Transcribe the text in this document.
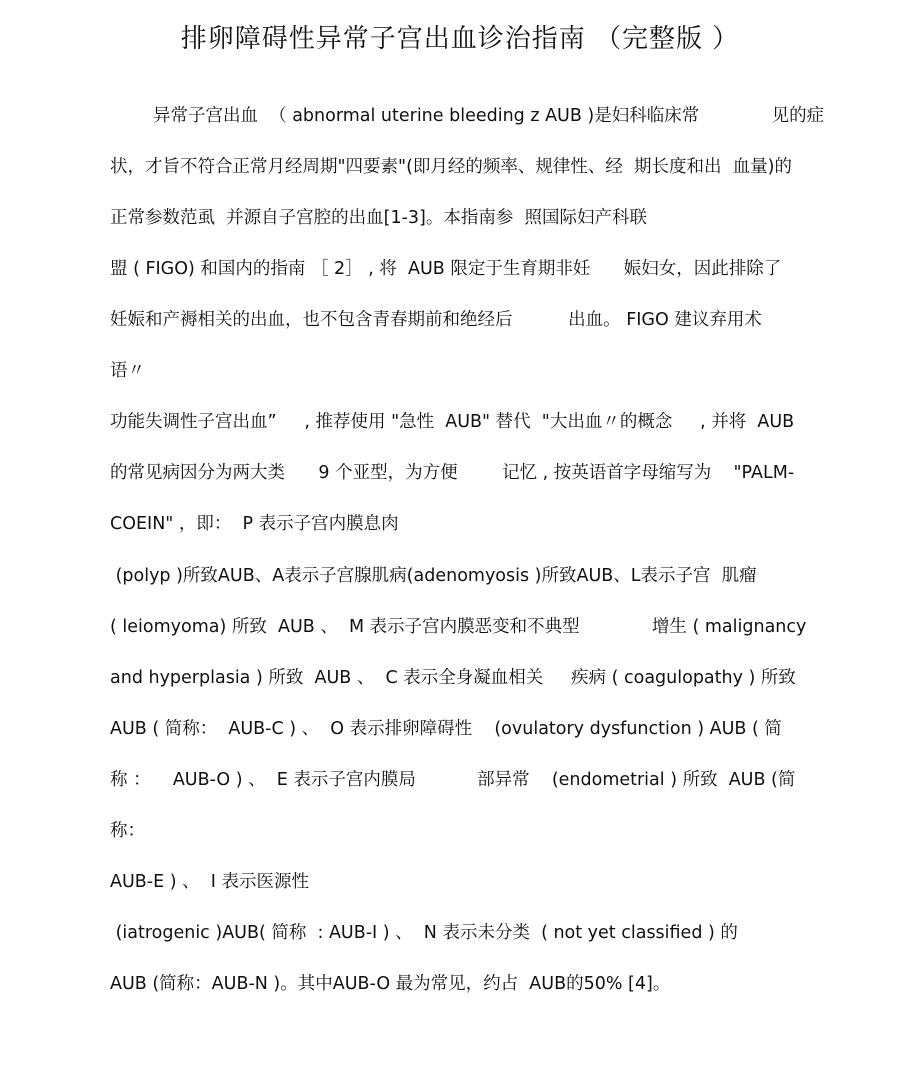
排卵障碍性异常子宫出血诊治指南 （完整版 ）
异常子宫出血  （ abnormal uterine bleeding z AUB )是妇科临床常             见的症
状，才旨不符合正常月经周期"四要素"(即月经的频率、规律性、经  期长度和出  血量)的
正常参数范虱  并源自子宫腔的出血[1-3]。本指南参  照国际妇产科联
盟 ( FIGO) 和国内的指南 ［ 2］ , 将  AUB 限定于生育期非妊      娠妇女，因此排除了
妊娠和产褥相关的出血，也不包含青春期前和绝经后          出血。 FIGO 建议弃用术
语〃
功能失调性子宫出血”     , 推荐使用 "急性  AUB" 替代  "大出血〃的概念     , 并将  AUB
的常见病因分为两大类      9 个亚型，为方便        记忆 , 按英语首字母缩写为    "PALM-
COEIN" ，即：  P 表示子宫内膜息肉
(polyp )所致AUB、A表示子宫腺肌病(adenomyosis )所致AUB、L表示子宫  肌瘤
( leiomyoma) 所致  AUB 、  M 表示子宫内膜恶变和不典型             增生 ( malignancy
and hyperplasia ) 所致  AUB 、  C 表示全身凝血相关     疾病 ( coagulopathy ) 所致
AUB ( 简称：  AUB-C ) 、  O 表示排卵障碍性    (ovulatory dysfunction ) AUB ( 简
称 ：    AUB-O ) 、  E 表示子宫内膜局           部异常    (endometrial ) 所致  AUB (简
称：
AUB-E ) 、  I 表示医源性
(iatrogenic )AUB( 简称  : AUB-I ) 、  N 表示未分类  ( not yet classified ) 的
AUB (简称：AUB-N )。其中AUB-O 最为常见，约占  AUB的50% [4]。
